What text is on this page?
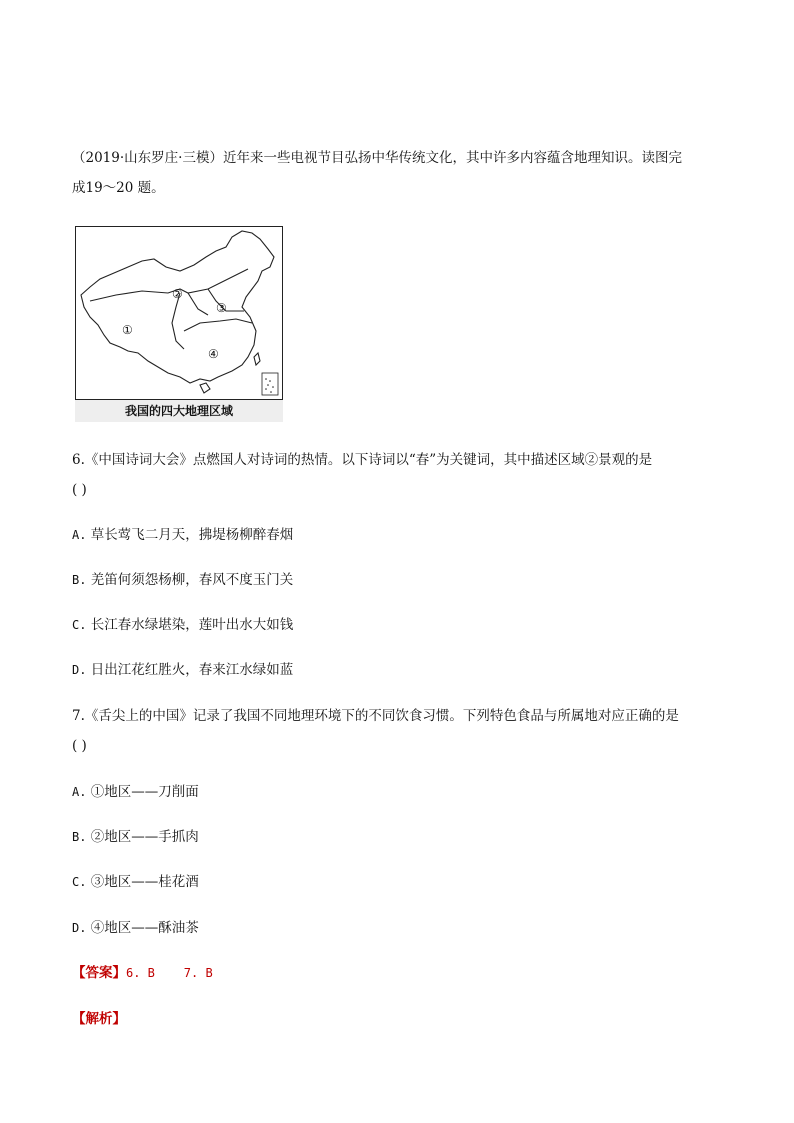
（2019·山东罗庄·三模）近年来一些电视节目弘扬中华传统文化，其中许多内容蕴含地理知识。读图完
成19～20 题。
①
②
③
④
我国的四大地理区域
6.《中国诗词大会》点燃国人对诗词的热情。以下诗词以“春”为关键词，其中描述区域②景观的是
( )
A.
草长莺飞二月天，拂堤杨柳醉春烟
B.
羌笛何须怨杨柳，春风不度玉门关
C.
长江春水绿堪染，莲叶出水大如钱
D.
日出江花红胜火，春来江水绿如蓝
7.《舌尖上的中国》记录了我国不同地理环境下的不同饮食习惯。下列特色食品与所属地对应正确的是
( )
A.
①地区——刀削面
B.
②地区——手抓肉
C.
③地区——桂花酒
D.
④地区——酥油茶
【答案】6. B    7. B
【解析】
